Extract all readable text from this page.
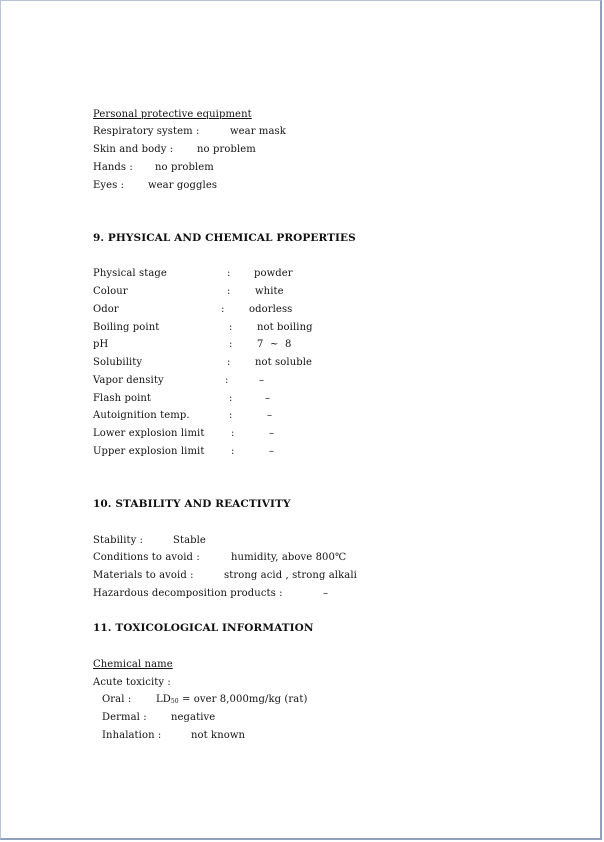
Personal protective equipment
Respiratory system :	wear mask
Skin and body : no problem
Hands : no problem
Eyes : wear goggles
9. PHYSICAL AND CHEMICAL PROPERTIES
Physical stage	: powder
Colour	: white
Odor	: odorless
Boiling point	: not boiling
pH	: 7  ~  8
Solubility	: not soluble
Vapor density	:	–
Flash point	:	–
Autoignition temp.	:	–
Lower explosion limit	:	–
Upper explosion limit	:	–
10. STABILITY AND REACTIVITY
Stability :	Stable
Conditions to avoid :	humidity, above 800℃
Materials to avoid :	strong acid , strong alkali
Hazardous decomposition products :	–
11. TOXICOLOGICAL INFORMATION
Chemical name
Acute toxicity :
Oral : LD50 = over 8,000mg/kg (rat)
Dermal : negative
Inhalation :	not known
